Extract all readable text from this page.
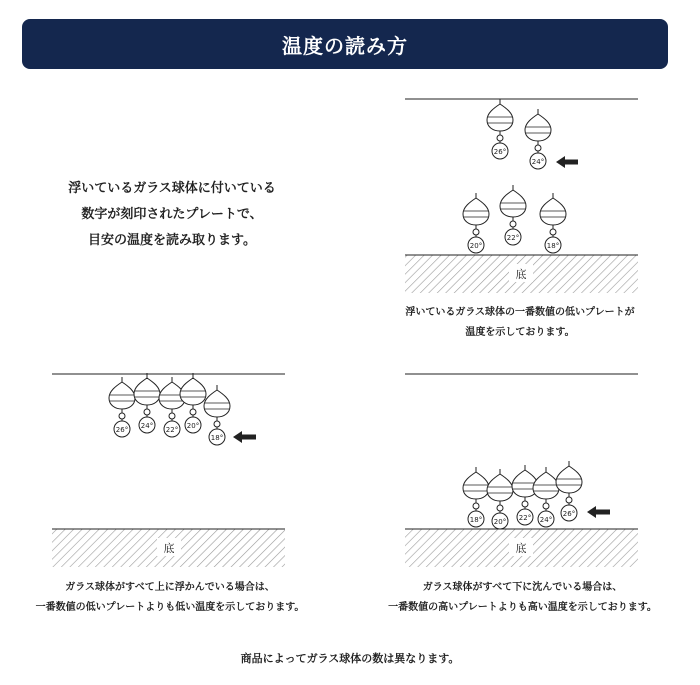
温度の読み方
浮いているガラス球体に付いている
数字が刻印されたプレートで、
目安の温度を読み取ります。
底
26°
24°
20°
22°
18°
底
26° 24° 22° 20°
18°
底
18° 20° 22° 24°
26°
浮いているガラス球体の一番数値の低いプレートが
温度を示しております。
ガラス球体がすべて上に浮かんでいる場合は、
一番数値の低いプレートよりも低い温度を示しております。
ガラス球体がすべて下に沈んでいる場合は、
一番数値の高いプレートよりも高い温度を示しております。
商品によってガラス球体の数は異なります。
